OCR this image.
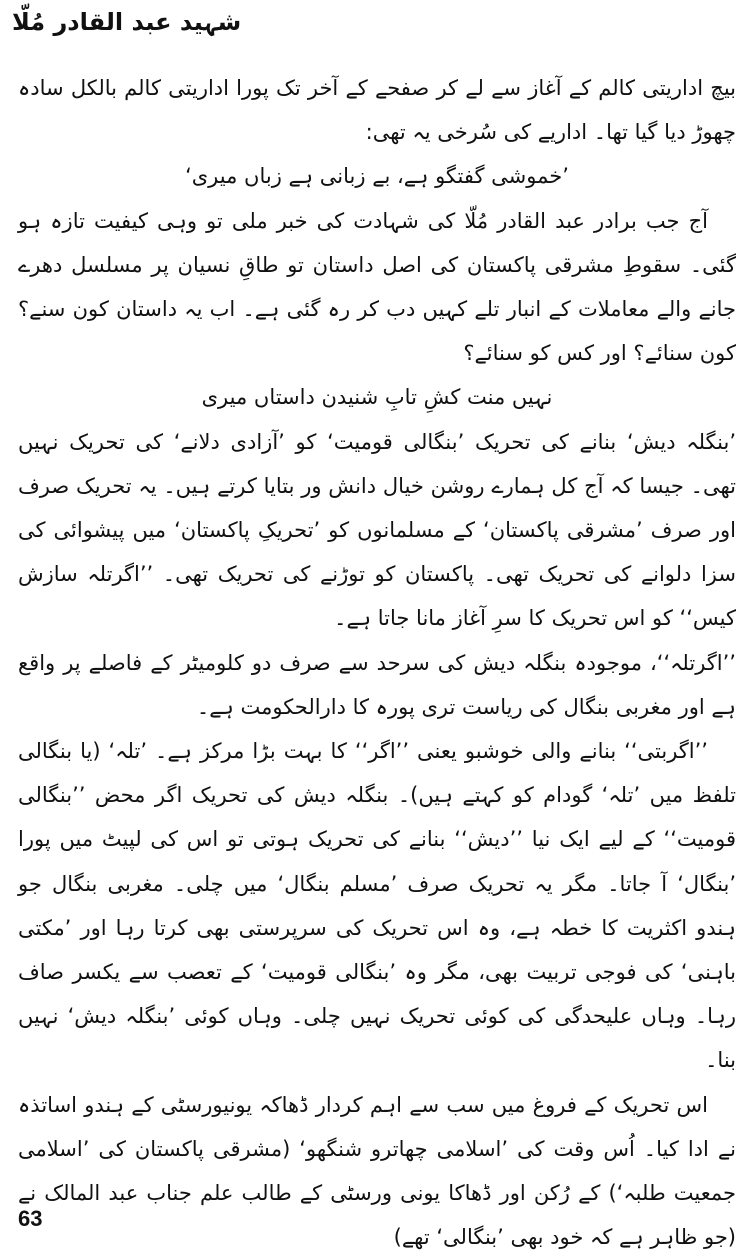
شہید عبد القادر مُلّا

بیچ اداریتی کالم کے آغاز سے لے کر صفحے کے آخر تک پورا اداریتی کالم بالکل سادہ چھوڑ دیا گیا تھا۔ اداریے کی سُرخی یہ تھی:

’خموشی گفتگو ہے، بے زبانی ہے زباں میری‘

آج جب برادر عبد القادر مُلّا کی شہادت کی خبر ملی تو وہی کیفیت تازہ ہو گئی۔ سقوطِ مشرقی پاکستان کی اصل داستان تو طاقِ نسیان پر مسلسل دھرے جانے والے معاملات کے انبار تلے کہیں دب کر رہ گئی ہے۔ اب یہ داستان کون سنے؟ کون سنائے؟ اور کس کو سنائے؟

نہیں منت کشِ تابِ شنیدن داستاں میری

’بنگلہ دیش‘ بنانے کی تحریک ’بنگالی قومیت‘ کو ’آزادی دلانے‘ کی تحریک نہیں تھی۔ جیسا کہ آج کل ہمارے روشن خیال دانش ور بتایا کرتے ہیں۔ یہ تحریک صرف اور صرف ’مشرقی پاکستان‘ کے مسلمانوں کو ’تحریکِ پاکستان‘ میں پیشوائی کی سزا دلوانے کی تحریک تھی۔ پاکستان کو توڑنے کی تحریک تھی۔ ’’اگرتلہ سازش کیس‘‘ کو اس تحریک کا سرِ آغاز مانا جاتا ہے۔

’’اگرتلہ‘‘، موجودہ بنگلہ دیش کی سرحد سے صرف دو کلومیٹر کے فاصلے پر واقع ہے اور مغربی بنگال کی ریاست تری پورہ کا دارالحکومت ہے۔

’’اگربتی‘‘ بنانے والی خوشبو یعنی ’’اگر‘‘ کا بہت بڑا مرکز ہے۔ ’تلہ‘ (یا بنگالی تلفظ میں ’تلہ‘ گودام کو کہتے ہیں)۔ بنگلہ دیش کی تحریک اگر محض ’’بنگالی قومیت‘‘ کے لیے ایک نیا ’’دیش‘‘ بنانے کی تحریک ہوتی تو اس کی لپیٹ میں پورا ’بنگال‘ آ جاتا۔ مگر یہ تحریک صرف ’مسلم بنگال‘ میں چلی۔ مغربی بنگال جو ہندو اکثریت کا خطہ ہے، وہ اس تحریک کی سرپرستی بھی کرتا رہا اور ’مکتی باہنی‘ کی فوجی تربیت بھی، مگر وہ ’بنگالی قومیت‘ کے تعصب سے یکسر صاف رہا۔ وہاں علیحدگی کی کوئی تحریک نہیں چلی۔ وہاں کوئی ’بنگلہ دیش‘ نہیں بنا۔

اس تحریک کے فروغ میں سب سے اہم کردار ڈھاکہ یونیورسٹی کے ہندو اساتذہ نے ادا کیا۔ اُس وقت کی ’اسلامی چھاترو شنگھو‘ (مشرقی پاکستان کی ’اسلامی جمعیت طلبہ‘) کے رُکن اور ڈھاکا یونی ورسٹی کے طالب علم جناب عبد المالک نے (جو ظاہر ہے کہ خود بھی ’بنگالی‘ تھے)

63
